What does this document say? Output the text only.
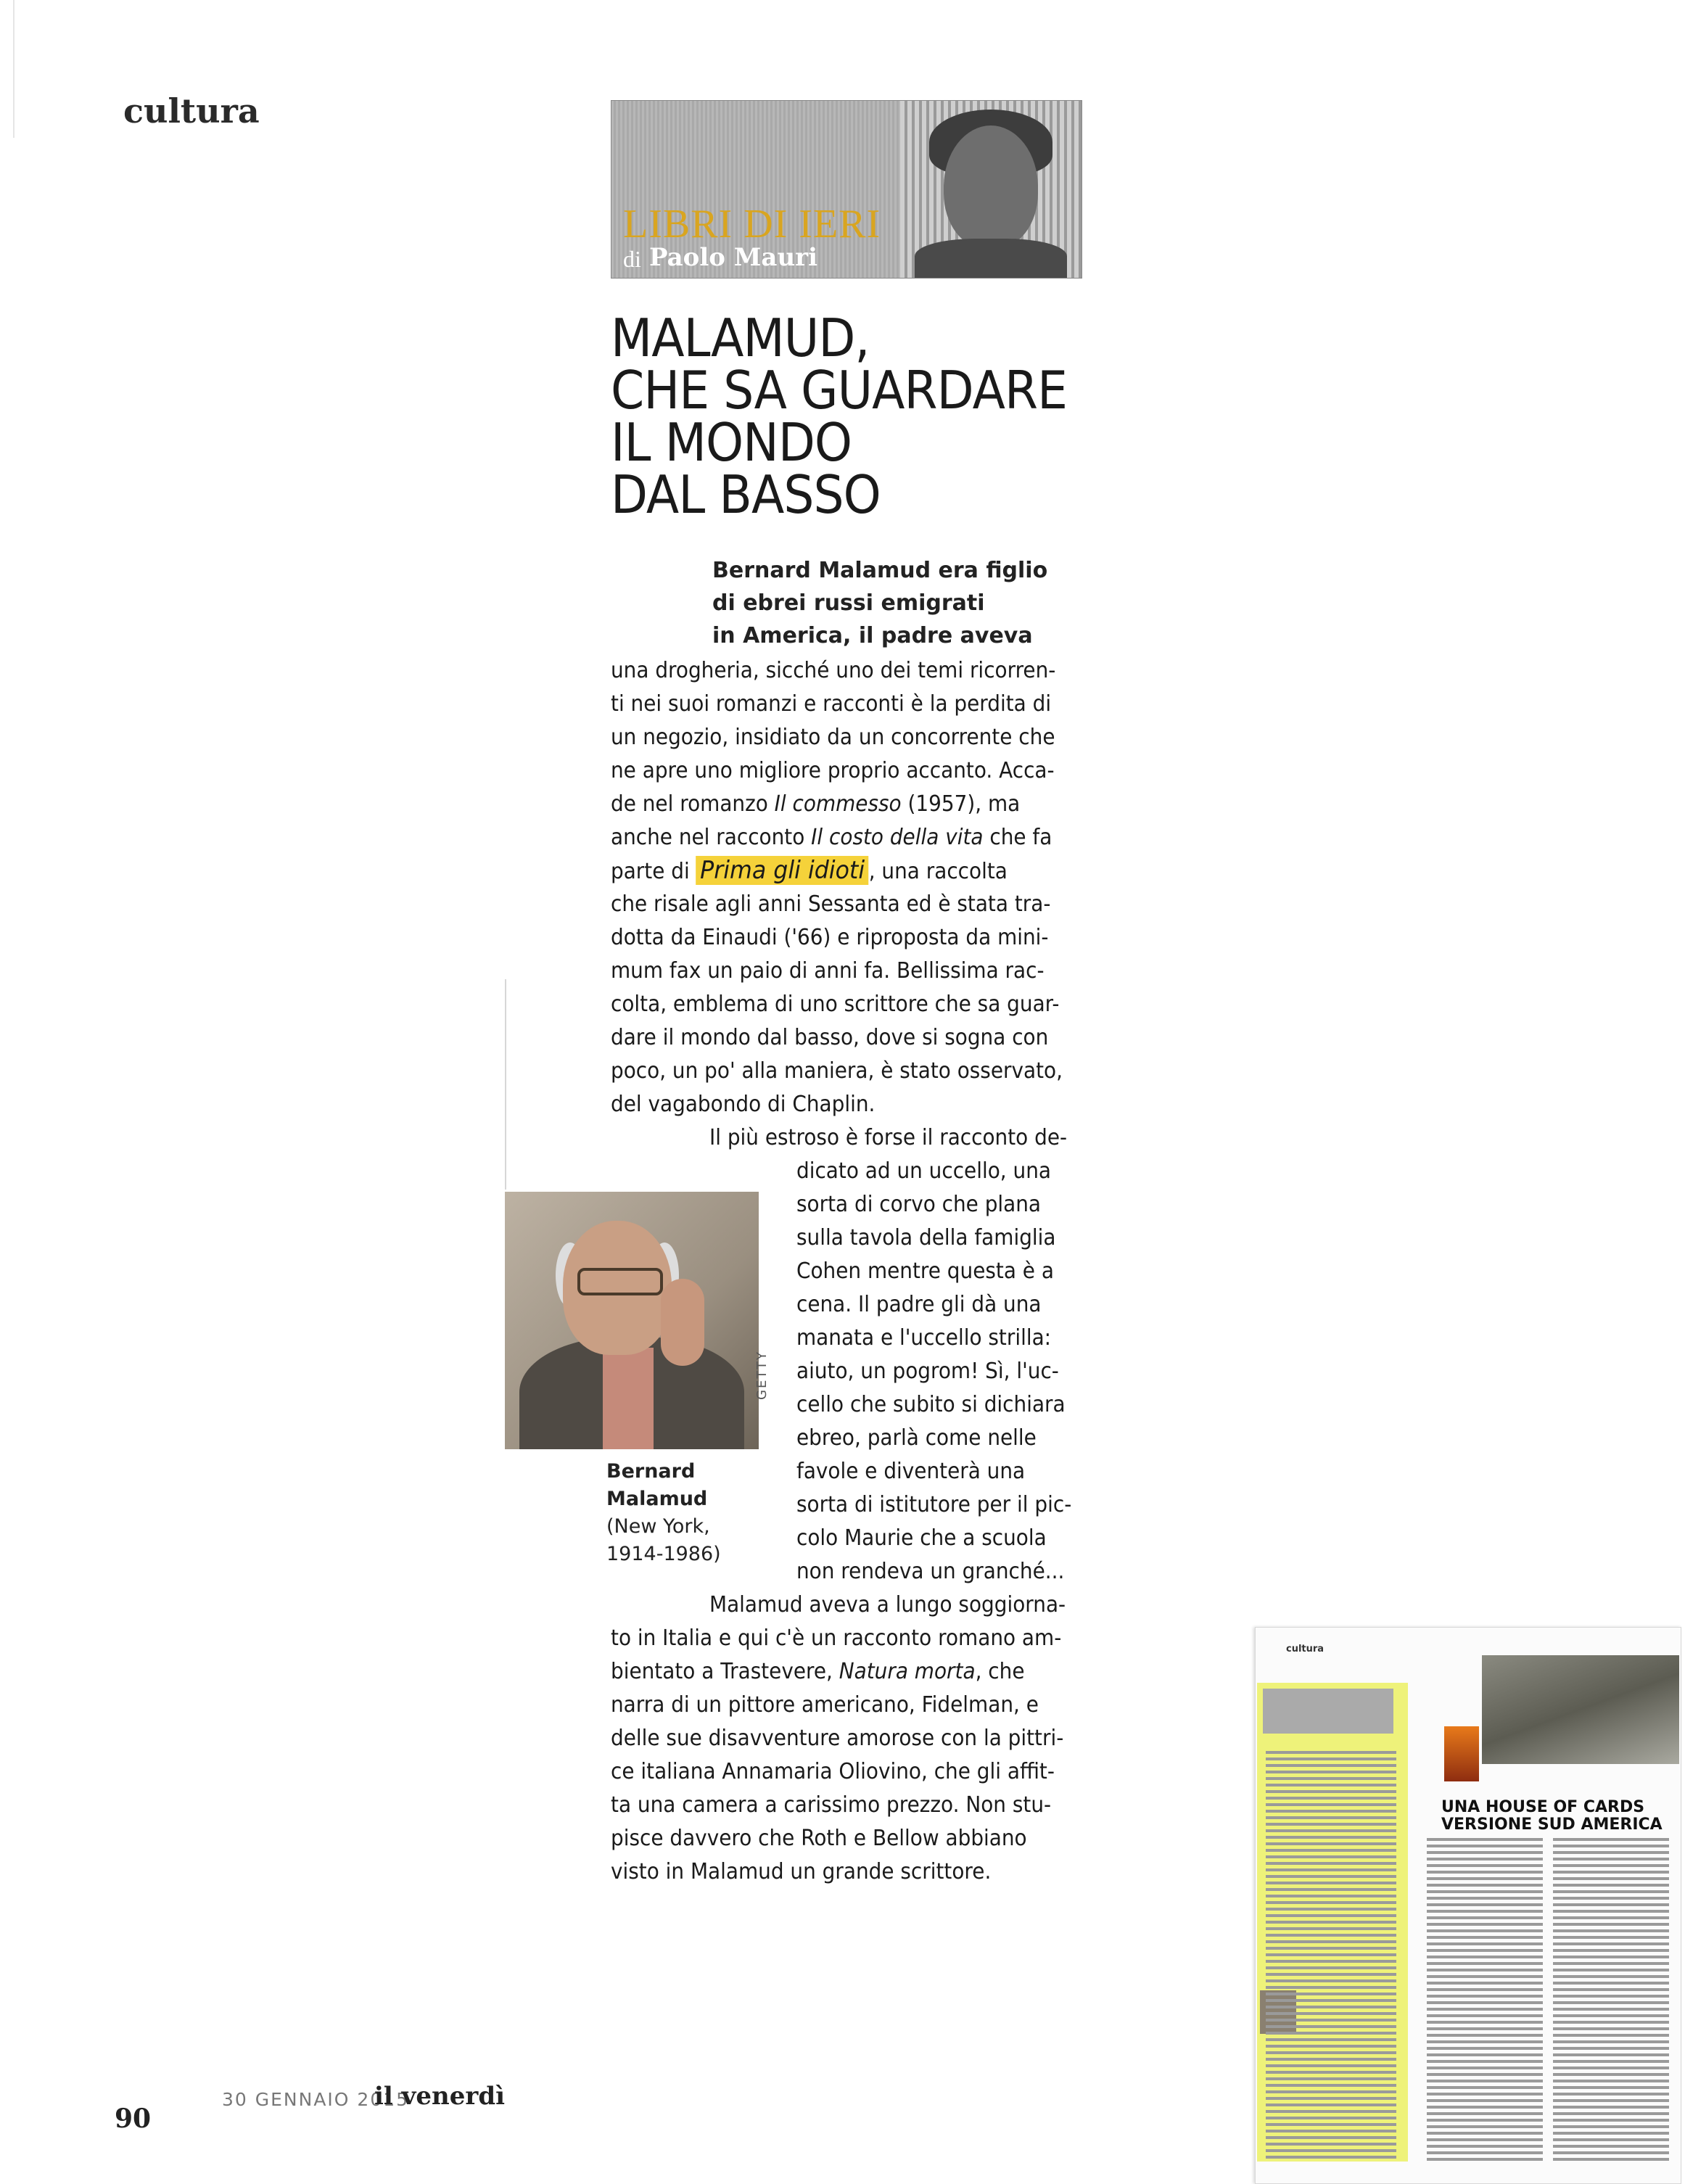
cultura
LIBRI DI IERI
di Paolo Mauri
MALAMUD,
CHE SA GUARDARE
IL MONDO
DAL BASSO
Bernard Malamud era figlio
di ebrei russi emigrati
in America, il padre aveva
una drogheria, sicché uno dei temi ricorren-
ti nei suoi romanzi e racconti è la perdita di
un negozio, insidiato da un concorrente che
ne apre uno migliore proprio accanto. Acca-
de nel romanzo Il commesso (1957), ma
anche nel racconto Il costo della vita che fa
parte di Prima gli idioti , una raccolta
che risale agli anni Sessanta ed è stata tra-
dotta da Einaudi ('66) e riproposta da mini-
mum fax un paio di anni fa. Bellissima rac-
colta, emblema di uno scrittore che sa guar-
dare il mondo dal basso, dove si sogna con
poco, un po' alla maniera, è stato osservato,
del vagabondo di Chaplin.
Il più estroso è forse il racconto de-
dicato ad un uccello, una
sorta di corvo che plana
sulla tavola della famiglia
Cohen mentre questa è a
cena. Il padre gli dà una
manata e l'uccello strilla:
aiuto, un pogrom! Sì, l'uc-
cello che subito si dichiara
ebreo, parlà come nelle
favole e diventerà una
sorta di istitutore per il pic-
colo Maurie che a scuola
non rendeva un granché...
Malamud aveva a lungo soggiorna-
to in Italia e qui c'è un racconto romano am-
bientato a Trastevere, Natura morta, che
narra di un pittore americano, Fidelman, e
delle sue disavventure amorose con la pittri-
ce italiana Annamaria Oliovino, che gli affit-
ta una camera a carissimo prezzo. Non stu-
pisce davvero che Roth e Bellow abbiano
visto in Malamud un grande scrittore.
GETTY
Bernard
Malamud
(New York,
1914-1986)
90
30 GENNAIO 2015
il venerdì
cultura
UNA HOUSE OF CARDS
VERSIONE SUD AMERICA
